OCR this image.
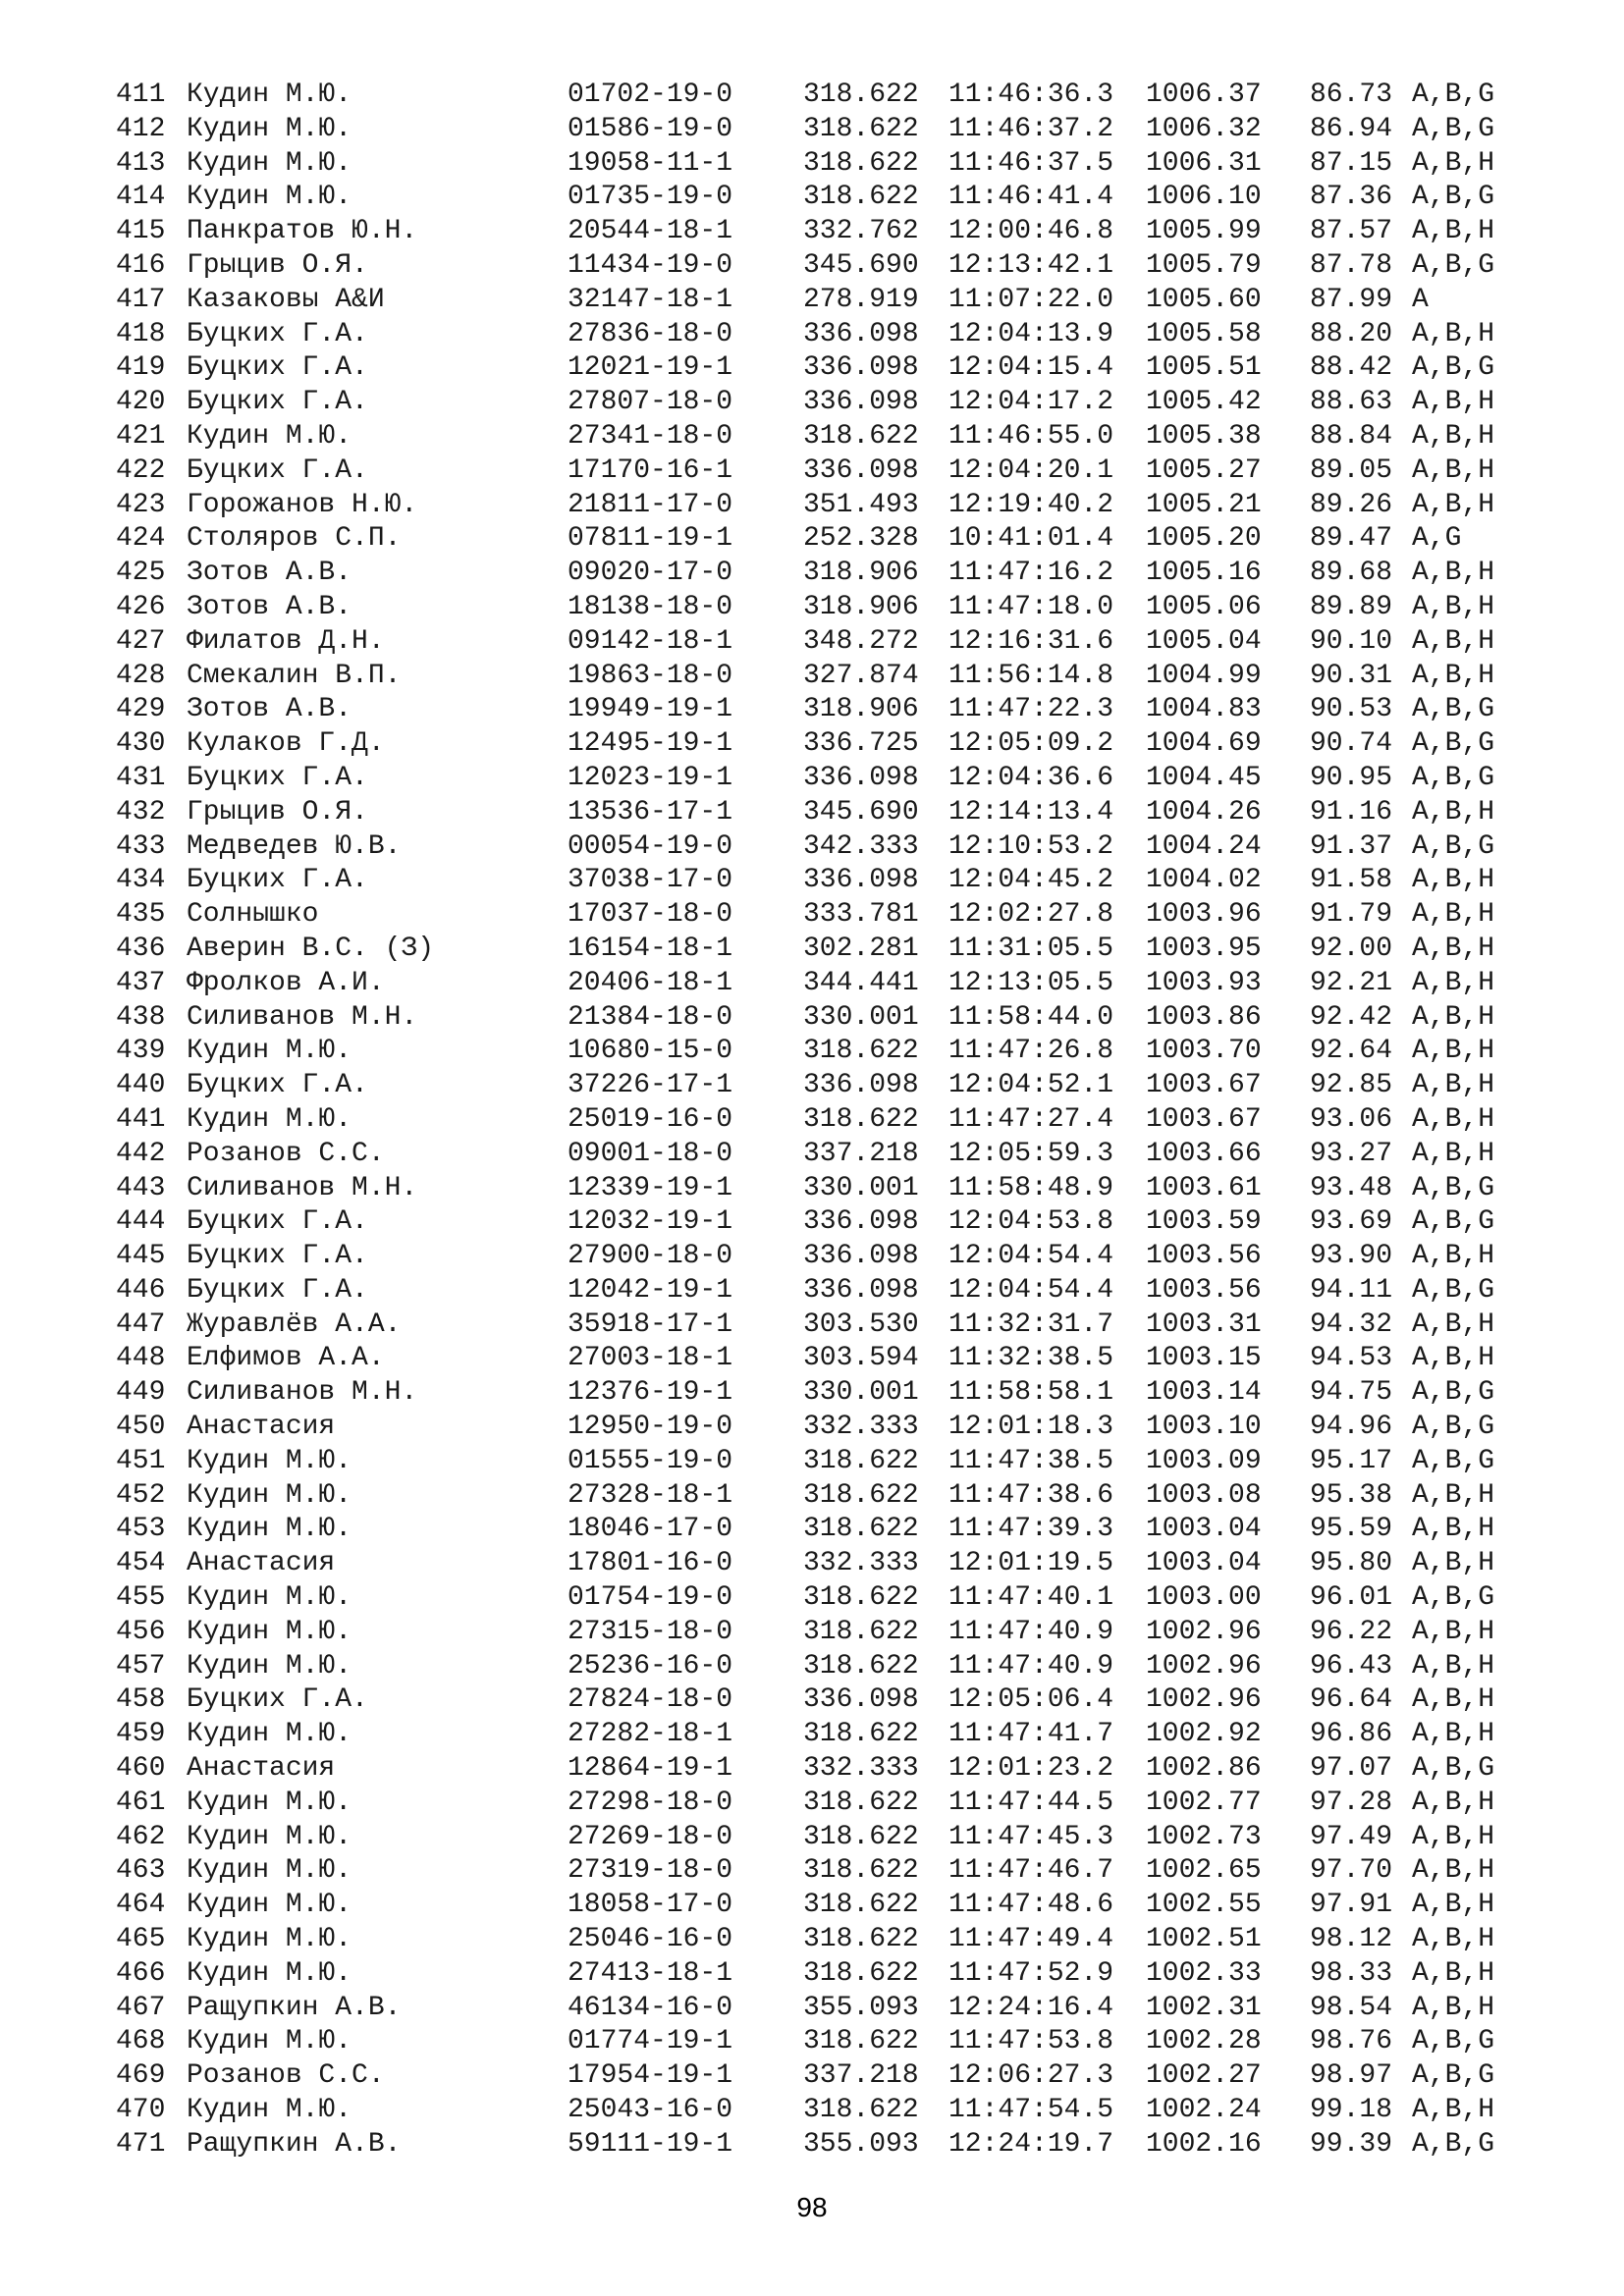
411 Кудин М.Ю.	01702-19-0	318.622 11:46:36.3 1006.37 86.73 A,B,G
412 Кудин М.Ю.	01586-19-0	318.622 11:46:37.2 1006.32 86.94 A,B,G
413 Кудин М.Ю.	19058-11-1	318.622 11:46:37.5 1006.31 87.15 A,B,H
414 Кудин М.Ю.	01735-19-0	318.622 11:46:41.4 1006.10 87.36 A,B,G
415 Панкратов Ю.Н.	20544-18-1	332.762 12:00:46.8 1005.99 87.57 A,B,H
416 Грыцив О.Я.	11434-19-0	345.690 12:13:42.1 1005.79 87.78 A,B,G
417 Казаковы А&И	32147-18-1	278.919 11:07:22.0 1005.60 87.99 A
418 Буцких Г.А.	27836-18-0	336.098 12:04:13.9 1005.58 88.20 A,B,H
419 Буцких Г.А.	12021-19-1	336.098 12:04:15.4 1005.51 88.42 A,B,G
420 Буцких Г.А.	27807-18-0	336.098 12:04:17.2 1005.42 88.63 A,B,H
421 Кудин М.Ю.	27341-18-0	318.622 11:46:55.0 1005.38 88.84 A,B,H
422 Буцких Г.А.	17170-16-1	336.098 12:04:20.1 1005.27 89.05 A,B,H
423 Горожанов Н.Ю.	21811-17-0	351.493 12:19:40.2 1005.21 89.26 A,B,H
424 Столяров С.П.	07811-19-1	252.328 10:41:01.4 1005.20 89.47 A,G
425 Зотов А.В.	09020-17-0	318.906 11:47:16.2 1005.16 89.68 A,B,H
426 Зотов А.В.	18138-18-0	318.906 11:47:18.0 1005.06 89.89 A,B,H
427 Филатов Д.Н.	09142-18-1	348.272 12:16:31.6 1005.04 90.10 A,B,H
428 Смекалин В.П.	19863-18-0	327.874 11:56:14.8 1004.99 90.31 A,B,H
429 Зотов А.В.	19949-19-1	318.906 11:47:22.3 1004.83 90.53 A,B,G
430 Кулаков Г.Д.	12495-19-1	336.725 12:05:09.2 1004.69 90.74 A,B,G
431 Буцких Г.А.	12023-19-1	336.098 12:04:36.6 1004.45 90.95 A,B,G
432 Грыцив О.Я.	13536-17-1	345.690 12:14:13.4 1004.26 91.16 A,B,H
433 Медведев Ю.В.	00054-19-0	342.333 12:10:53.2 1004.24 91.37 A,B,G
434 Буцких Г.А.	37038-17-0	336.098 12:04:45.2 1004.02 91.58 A,B,H
435 Солнышко	17037-18-0	333.781 12:02:27.8 1003.96 91.79 A,B,H
436 Аверин В.С. (З)	16154-18-1	302.281 11:31:05.5 1003.95 92.00 A,B,H
437 Фролков А.И.	20406-18-1	344.441 12:13:05.5 1003.93 92.21 A,B,H
438 Силиванов М.Н.	21384-18-0	330.001 11:58:44.0 1003.86 92.42 A,B,H
439 Кудин М.Ю.	10680-15-0	318.622 11:47:26.8 1003.70 92.64 A,B,H
440 Буцких Г.А.	37226-17-1	336.098 12:04:52.1 1003.67 92.85 A,B,H
441 Кудин М.Ю.	25019-16-0	318.622 11:47:27.4 1003.67 93.06 A,B,H
442 Розанов С.С.	09001-18-0	337.218 12:05:59.3 1003.66 93.27 A,B,H
443 Силиванов М.Н.	12339-19-1	330.001 11:58:48.9 1003.61 93.48 A,B,G
444 Буцких Г.А.	12032-19-1	336.098 12:04:53.8 1003.59 93.69 A,B,G
445 Буцких Г.А.	27900-18-0	336.098 12:04:54.4 1003.56 93.90 A,B,H
446 Буцких Г.А.	12042-19-1	336.098 12:04:54.4 1003.56 94.11 A,B,G
447 Журавлёв А.А.	35918-17-1	303.530 11:32:31.7 1003.31 94.32 A,B,H
448 Елфимов А.А.	27003-18-1	303.594 11:32:38.5 1003.15 94.53 A,B,H
449 Силиванов М.Н.	12376-19-1	330.001 11:58:58.1 1003.14 94.75 A,B,G
450 Анастасия	12950-19-0	332.333 12:01:18.3 1003.10 94.96 A,B,G
451 Кудин М.Ю.	01555-19-0	318.622 11:47:38.5 1003.09 95.17 A,B,G
452 Кудин М.Ю.	27328-18-1	318.622 11:47:38.6 1003.08 95.38 A,B,H
453 Кудин М.Ю.	18046-17-0	318.622 11:47:39.3 1003.04 95.59 A,B,H
454 Анастасия	17801-16-0	332.333 12:01:19.5 1003.04 95.80 A,B,H
455 Кудин М.Ю.	01754-19-0	318.622 11:47:40.1 1003.00 96.01 A,B,G
456 Кудин М.Ю.	27315-18-0	318.622 11:47:40.9 1002.96 96.22 A,B,H
457 Кудин М.Ю.	25236-16-0	318.622 11:47:40.9 1002.96 96.43 A,B,H
458 Буцких Г.А.	27824-18-0	336.098 12:05:06.4 1002.96 96.64 A,B,H
459 Кудин М.Ю.	27282-18-1	318.622 11:47:41.7 1002.92 96.86 A,B,H
460 Анастасия	12864-19-1	332.333 12:01:23.2 1002.86 97.07 A,B,G
461 Кудин М.Ю.	27298-18-0	318.622 11:47:44.5 1002.77 97.28 A,B,H
462 Кудин М.Ю.	27269-18-0	318.622 11:47:45.3 1002.73 97.49 A,B,H
463 Кудин М.Ю.	27319-18-0	318.622 11:47:46.7 1002.65 97.70 A,B,H
464 Кудин М.Ю.	18058-17-0	318.622 11:47:48.6 1002.55 97.91 A,B,H
465 Кудин М.Ю.	25046-16-0	318.622 11:47:49.4 1002.51 98.12 A,B,H
466 Кудин М.Ю.	27413-18-1	318.622 11:47:52.9 1002.33 98.33 A,B,H
467 Ращупкин А.В.	46134-16-0	355.093 12:24:16.4 1002.31 98.54 A,B,H
468 Кудин М.Ю.	01774-19-1	318.622 11:47:53.8 1002.28 98.76 A,B,G
469 Розанов С.С.	17954-19-1	337.218 12:06:27.3 1002.27 98.97 A,B,G
470 Кудин М.Ю.	25043-16-0	318.622 11:47:54.5 1002.24 99.18 A,B,H
471 Ращупкин А.В.	59111-19-1	355.093 12:24:19.7 1002.16 99.39 A,B,G
98
